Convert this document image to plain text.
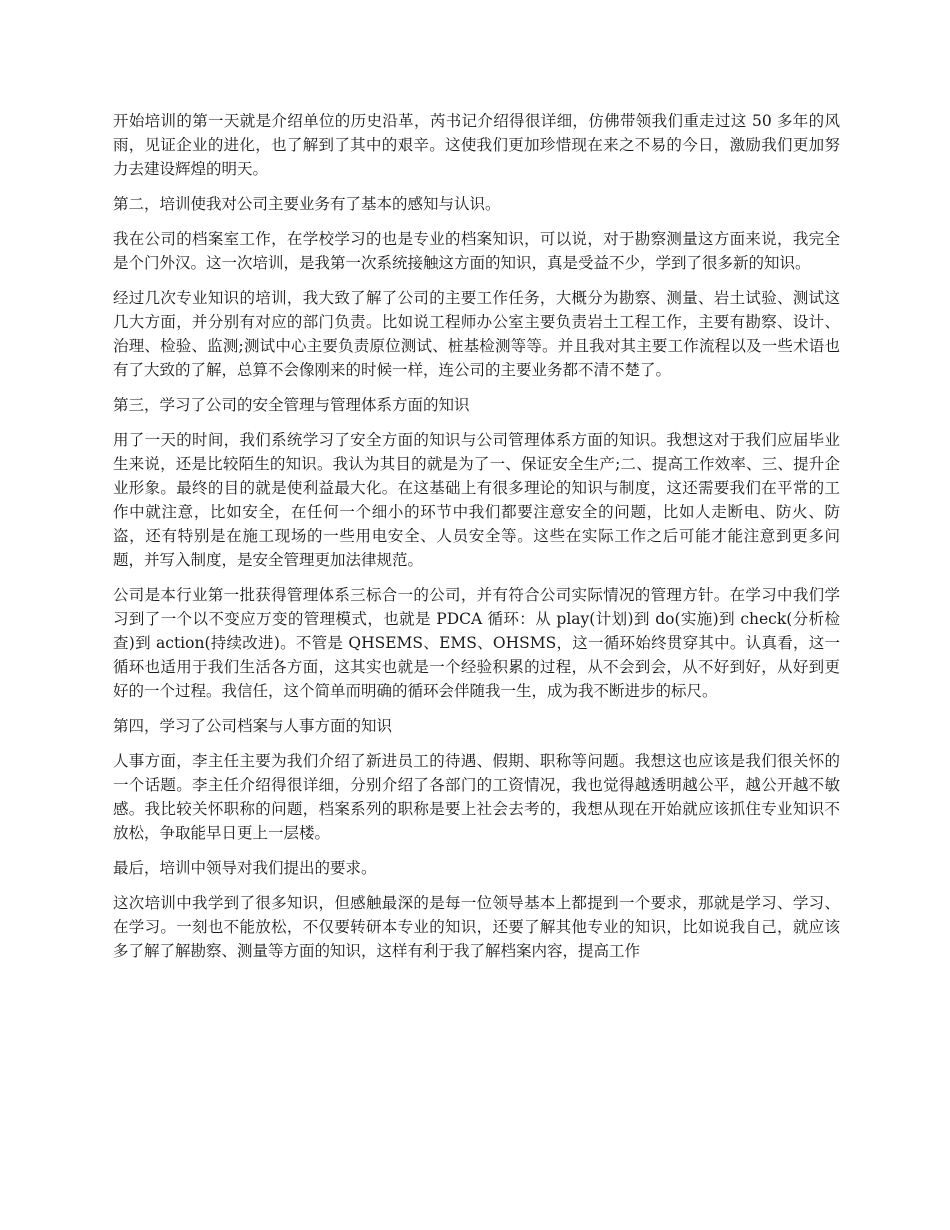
开始培训的第一天就是介绍单位的历史沿革，芮书记介绍得很详细，仿佛带领我们重走过这 50 多年的风雨，见证企业的进化，也了解到了其中的艰辛。这使我们更加珍惜现在来之不易的今日，激励我们更加努力去建设辉煌的明天。

第二，培训使我对公司主要业务有了基本的感知与认识。

我在公司的档案室工作，在学校学习的也是专业的档案知识，可以说，对于勘察测量这方面来说，我完全是个门外汉。这一次培训，是我第一次系统接触这方面的知识，真是受益不少，学到了很多新的知识。

经过几次专业知识的培训，我大致了解了公司的主要工作任务，大概分为勘察、测量、岩土试验、测试这几大方面，并分别有对应的部门负责。比如说工程师办公室主要负责岩土工程工作，主要有勘察、设计、治理、检验、监测;测试中心主要负责原位测试、桩基检测等等。并且我对其主要工作流程以及一些术语也有了大致的了解，总算不会像刚来的时候一样，连公司的主要业务都不清不楚了。

第三，学习了公司的安全管理与管理体系方面的知识

用了一天的时间，我们系统学习了安全方面的知识与公司管理体系方面的知识。我想这对于我们应届毕业生来说，还是比较陌生的知识。我认为其目的就是为了一、保证安全生产;二、提高工作效率、三、提升企业形象。最终的目的就是使利益最大化。在这基础上有很多理论的知识与制度，这还需要我们在平常的工作中就注意，比如安全，在任何一个细小的环节中我们都要注意安全的问题，比如人走断电、防火、防盗，还有特别是在施工现场的一些用电安全、人员安全等。这些在实际工作之后可能才能注意到更多问题，并写入制度，是安全管理更加法律规范。

公司是本行业第一批获得管理体系三标合一的公司，并有符合公司实际情况的管理方针。在学习中我们学习到了一个以不变应万变的管理模式，也就是 PDCA 循环：从 play(计划)到 do(实施)到 check(分析检查)到 action(持续改进)。不管是 QHSEMS、EMS、OHSMS，这一循环始终贯穿其中。认真看，这一循环也适用于我们生活各方面，这其实也就是一个经验积累的过程，从不会到会，从不好到好，从好到更好的一个过程。我信任，这个简单而明确的循环会伴随我一生，成为我不断进步的标尺。

第四，学习了公司档案与人事方面的知识

人事方面，李主任主要为我们介绍了新进员工的待遇、假期、职称等问题。我想这也应该是我们很关怀的一个话题。李主任介绍得很详细，分别介绍了各部门的工资情况，我也觉得越透明越公平，越公开越不敏感。我比较关怀职称的问题，档案系列的职称是要上社会去考的，我想从现在开始就应该抓住专业知识不放松，争取能早日更上一层楼。

最后，培训中领导对我们提出的要求。

这次培训中我学到了很多知识，但感触最深的是每一位领导基本上都提到一个要求，那就是学习、学习、在学习。一刻也不能放松，不仅要转研本专业的知识，还要了解其他专业的知识，比如说我自己，就应该多了解了解勘察、测量等方面的知识，这样有利于我了解档案内容，提高工作
